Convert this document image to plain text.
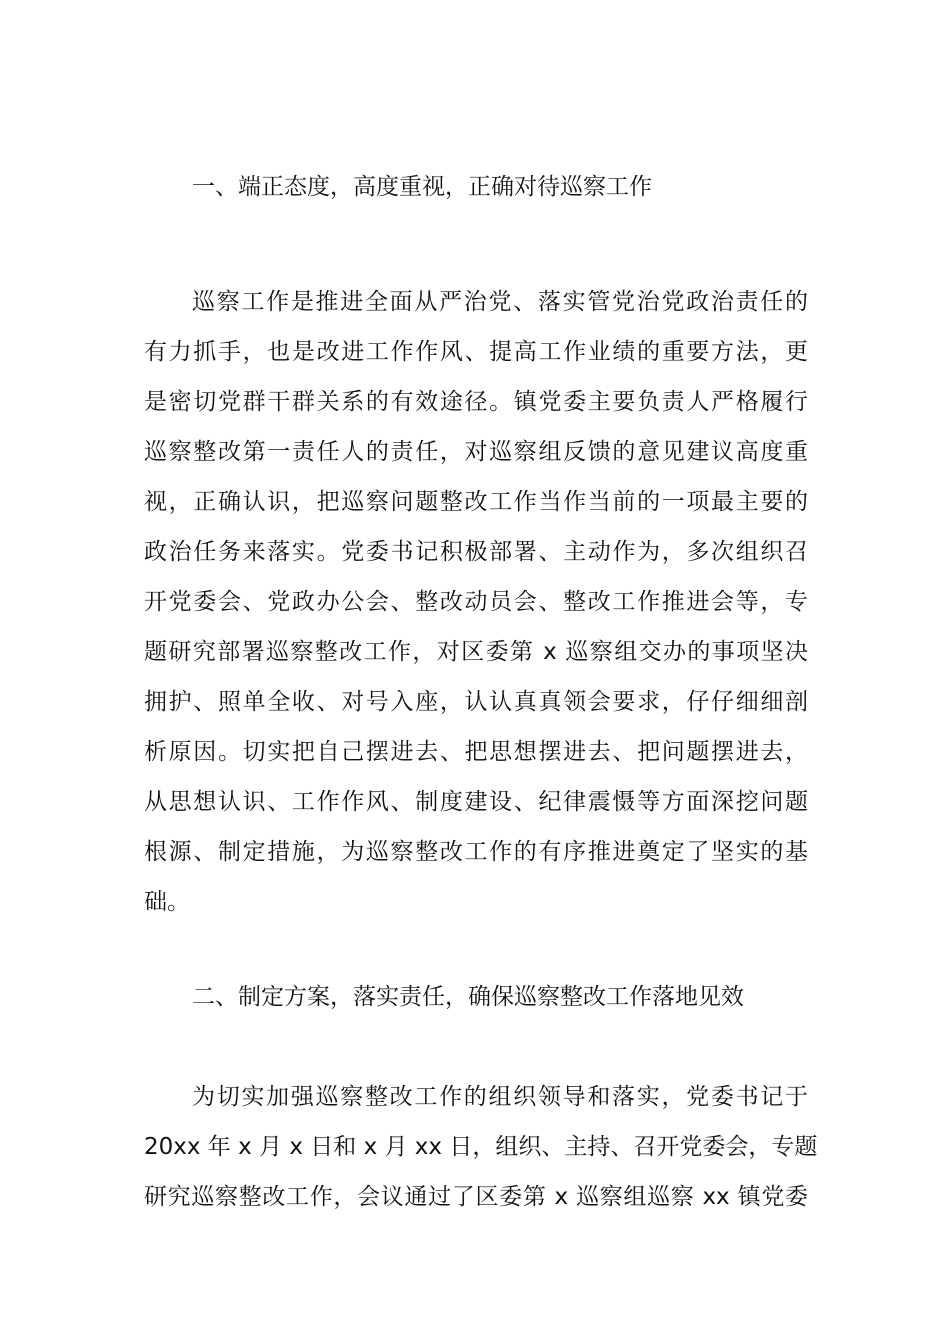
一、端正态度，高度重视，正确对待巡察工作
巡察工作是推进全面从严治党、落实管党治党政治责任的
有力抓手，也是改进工作作风、提高工作业绩的重要方法，更
是密切党群干群关系的有效途径。镇党委主要负责人严格履行
巡察整改第一责任人的责任，对巡察组反馈的意见建议高度重
视，正确认识，把巡察问题整改工作当作当前的一项最主要的
政治任务来落实。党委书记积极部署、主动作为，多次组织召
开党委会、党政办公会、整改动员会、整改工作推进会等，专
题研究部署巡察整改工作，对区委第 x 巡察组交办的事项坚决
拥护、照单全收、对号入座，认认真真领会要求，仔仔细细剖
析原因。切实把自己摆进去、把思想摆进去、把问题摆进去，
从思想认识、工作作风、制度建设、纪律震慑等方面深挖问题
根源、制定措施，为巡察整改工作的有序推进奠定了坚实的基
础。
二、制定方案，落实责任，确保巡察整改工作落地见效
为切实加强巡察整改工作的组织领导和落实，党委书记于
20xx 年 x 月 x 日和 x 月 xx 日，组织、主持、召开党委会，专题
研究巡察整改工作，会议通过了区委第 x 巡察组巡察 xx 镇党委
